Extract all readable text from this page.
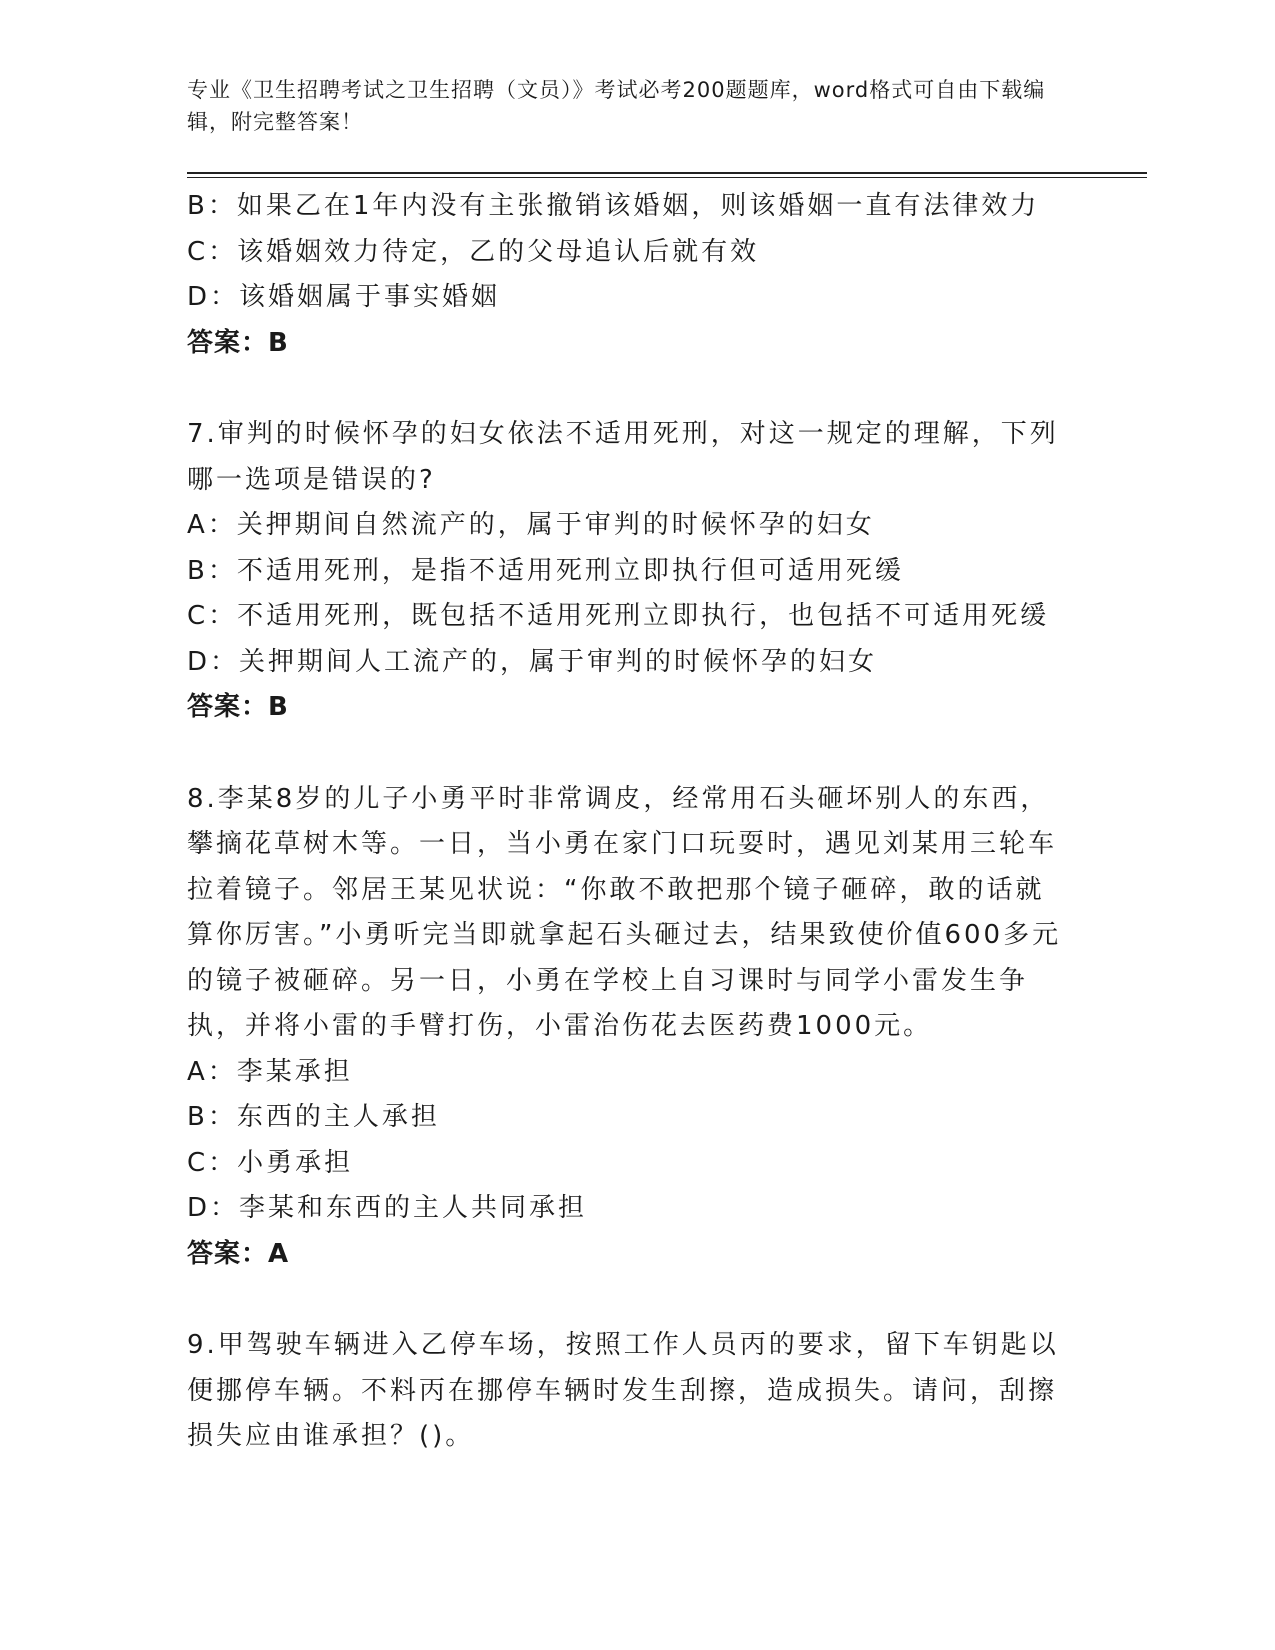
专业《卫生招聘考试之卫生招聘（文员）》考试必考200题题库，word格式可自由下载编辑，附完整答案！

B：如果乙在1年内没有主张撤销该婚姻，则该婚姻一直有法律效力

C：该婚姻效力待定，乙的父母追认后就有效

D：该婚姻属于事实婚姻

答案：B

7.审判的时候怀孕的妇女依法不适用死刑，对这一规定的理解，下列哪一选项是错误的?

A：关押期间自然流产的，属于审判的时候怀孕的妇女

B：不适用死刑，是指不适用死刑立即执行但可适用死缓

C：不适用死刑，既包括不适用死刑立即执行，也包括不可适用死缓

D：关押期间人工流产的，属于审判的时候怀孕的妇女

答案：B

8.李某8岁的儿子小勇平时非常调皮，经常用石头砸坏别人的东西，攀摘花草树木等。一日，当小勇在家门口玩耍时，遇见刘某用三轮车拉着镜子。邻居王某见状说：“你敢不敢把那个镜子砸碎，敢的话就算你厉害。”小勇听完当即就拿起石头砸过去，结果致使价值600多元的镜子被砸碎。另一日，小勇在学校上自习课时与同学小雷发生争执，并将小雷的手臂打伤，小雷治伤花去医药费1000元。

A：李某承担

B：东西的主人承担

C：小勇承担

D：李某和东西的主人共同承担

答案：A

9.甲驾驶车辆进入乙停车场，按照工作人员丙的要求，留下车钥匙以便挪停车辆。不料丙在挪停车辆时发生刮擦，造成损失。请问，刮擦损失应由谁承担？()。
